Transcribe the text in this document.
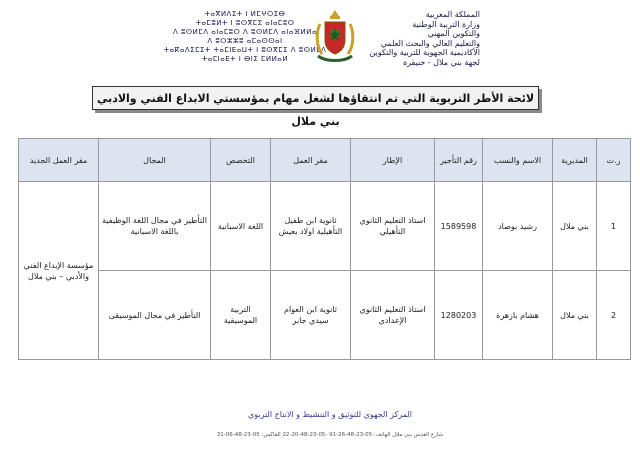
ⵜⴰⴳⵍⴷⵉⵜ ⵏ ⵍⵎⵖⵔⵉⴱ
ⵜⴰⵎⵓⵍⵜ ⵏ ⵓⵙⴳⵎⵉ ⴰⵏⴰⵎⵓⵔ
ⴷ ⵓⵙⵍⵎⴷ ⴰⵏⴰⵎⵓⵔ ⴷ ⵓⵙⵍⵎⴷ ⴰⵏⴰⴼⵍⵍⴰ
ⴷ ⵓⵔⵣⵣⵓ ⴰⵎⴰⵙⵙⴰⵏ
ⵜⴰⴽⴰⴷⵉⵎⵉⵜ ⵜⴰⵎⵏⴹⴰⵡⵜ ⵏ ⵓⵙⴳⵎⵉ ⴷ ⵓⵙⵍⵎⴷ
ⵜⴰⵎⵏⴰⴹⵜ ⵏ ⴱⵏⵉ ⵎⵍⵍⴰⵍ
المملكة المغربية
وزارة التربية الوطنية
والتكوين المهني
والتعليم العالي والبحث العلمي
الأكاديمية الجهوية للتربية والتكوين
لجهة بني ملال - خنيفرة
لائحة الأطر التربوية التي تم انتقاؤها لشغل مهام بمؤسستي الابداع الفني والادبي بني ملال
ر.ت	المديرية	الاسم والنسب	رقم التأجير	الإطار	مقر العمل	التخصص	المجال	مقر العمل الجديد
1	بني ملال	رشيد بوصاد	1589598	استاذ التعليم الثانوي التأهيلي	ثانوية ابن طفيل التأهيلية اولاد يعيش	اللغة الاسبانية	التأطير في مجال اللغة الوظيفية باللغة الاسبانية	مؤسسة الإبداع الفني والأدبي – بني ملال
2	بني ملال	هشام بازهرة	1280203	استاذ التعليم الثانوي الإعدادي	ثانوية ابن العوام سيدي جابر	التربية الموسيقية	التأطير في مجال الموسيقى	
المركز الجهوي للتوثيق و التنشيط و الانتاج التربوي
شارع القدس بني ملال الهاتف: 05-23-48-26-91 -05-23-48-20-22 الفاكس: 05-23-48-06-31
